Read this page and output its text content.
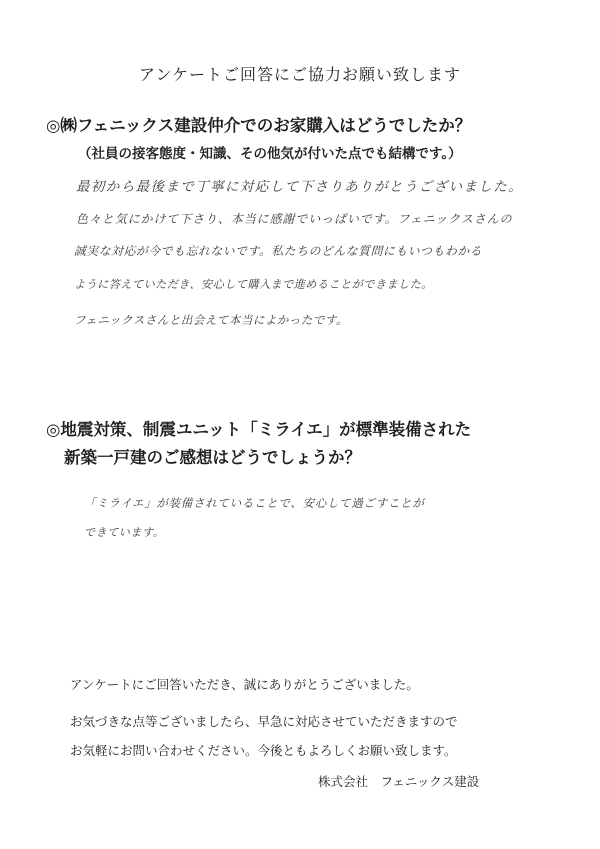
アンケートご回答にご協力お願い致します
◎㈱フェニックス建設仲介でのお家購入はどうでしたか？
（社員の接客態度・知識、その他気が付いた点でも結構です。）
最初から最後まで丁寧に対応して下さりありがとうございました。
色々と気にかけて下さり、本当に感謝でいっぱいです。フェニックスさんの
誠実な対応が今でも忘れないです。私たちのどんな質問にもいつもわかる
ように答えていただき、安心して購入まで進めることができました。
フェニックスさんと出会えて本当によかったです。
◎地震対策、制震ユニット「ミライエ」が標準装備された
新築一戸建のご感想はどうでしょうか？
「ミライエ」が装備されていることで、安心して過ごすことが
できています。
アンケートにご回答いただき、誠にありがとうございました。
お気づきな点等ございましたら、早急に対応させていただきますので
お気軽にお問い合わせください。今後ともよろしくお願い致します。
株式会社　フェニックス建設
